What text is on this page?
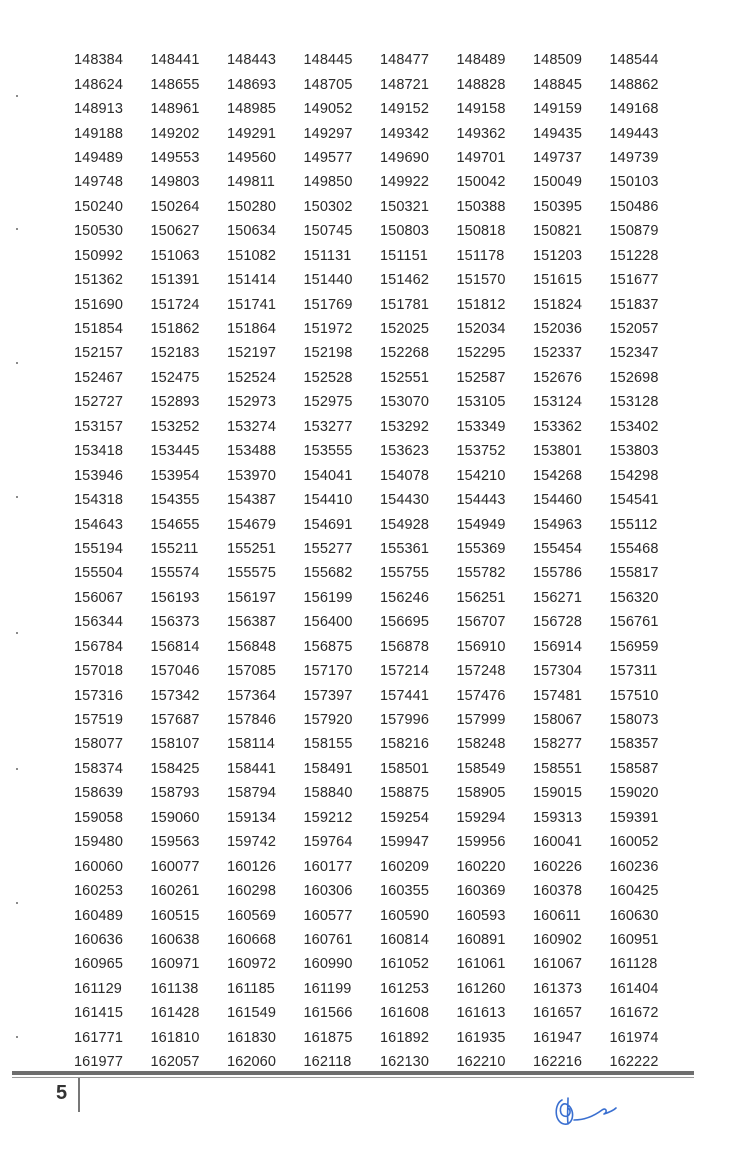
148384	148441	148443	148445	148477	148489	148509	148544
148624	148655	148693	148705	148721	148828	148845	148862
148913	148961	148985	149052	149152	149158	149159	149168
149188	149202	149291	149297	149342	149362	149435	149443
149489	149553	149560	149577	149690	149701	149737	149739
149748	149803	149811	149850	149922	150042	150049	150103
150240	150264	150280	150302	150321	150388	150395	150486
150530	150627	150634	150745	150803	150818	150821	150879
150992	151063	151082	151131	151151	151178	151203	151228
151362	151391	151414	151440	151462	151570	151615	151677
151690	151724	151741	151769	151781	151812	151824	151837
151854	151862	151864	151972	152025	152034	152036	152057
152157	152183	152197	152198	152268	152295	152337	152347
152467	152475	152524	152528	152551	152587	152676	152698
152727	152893	152973	152975	153070	153105	153124	153128
153157	153252	153274	153277	153292	153349	153362	153402
153418	153445	153488	153555	153623	153752	153801	153803
153946	153954	153970	154041	154078	154210	154268	154298
154318	154355	154387	154410	154430	154443	154460	154541
154643	154655	154679	154691	154928	154949	154963	155112
155194	155211	155251	155277	155361	155369	155454	155468
155504	155574	155575	155682	155755	155782	155786	155817
156067	156193	156197	156199	156246	156251	156271	156320
156344	156373	156387	156400	156695	156707	156728	156761
156784	156814	156848	156875	156878	156910	156914	156959
157018	157046	157085	157170	157214	157248	157304	157311
157316	157342	157364	157397	157441	157476	157481	157510
157519	157687	157846	157920	157996	157999	158067	158073
158077	158107	158114	158155	158216	158248	158277	158357
158374	158425	158441	158491	158501	158549	158551	158587
158639	158793	158794	158840	158875	158905	159015	159020
159058	159060	159134	159212	159254	159294	159313	159391
159480	159563	159742	159764	159947	159956	160041	160052
160060	160077	160126	160177	160209	160220	160226	160236
160253	160261	160298	160306	160355	160369	160378	160425
160489	160515	160569	160577	160590	160593	160611	160630
160636	160638	160668	160761	160814	160891	160902	160951
160965	160971	160972	160990	161052	161061	161067	161128
161129	161138	161185	161199	161253	161260	161373	161404
161415	161428	161549	161566	161608	161613	161657	161672
161771	161810	161830	161875	161892	161935	161947	161974
161977	162057	162060	162118	162130	162210	162216	162222
5
